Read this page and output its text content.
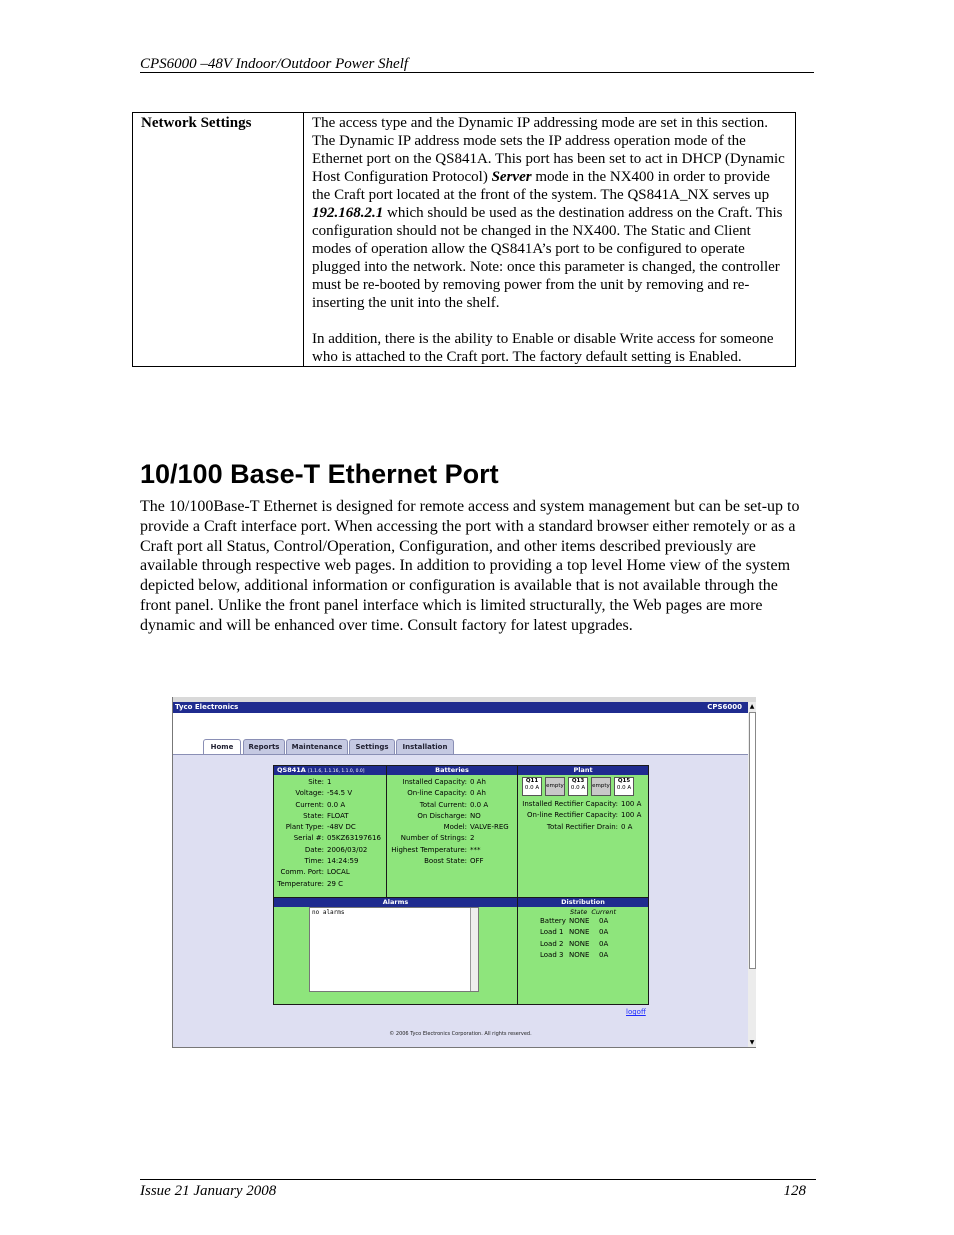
CPS6000 –48V Indoor/Outdoor Power Shelf
Network Settings	The access type and the Dynamic IP addressing mode are set in this section. The Dynamic IP address mode sets the IP address operation mode of the Ethernet port on the QS841A. This port has been set to act in DHCP (Dynamic Host Configuration Protocol) Server mode in the NX400 in order to provide the Craft port located at the front of the system. The QS841A_NX serves up 192.168.2.1 which should be used as the destination address on the Craft. This configuration should not be changed in the NX400. The Static and Client modes of operation allow the QS841A’s port to be configured to operate plugged into the network. Note: once this parameter is changed, the controller must be re-booted by removing power from the unit by removing and re-inserting the unit into the shelf.

In addition, there is the ability to Enable or disable Write access for someone who is attached to the Craft port. The factory default setting is Enabled.

10/100 Base-T Ethernet Port

The 10/100Base-T Ethernet is designed for remote access and system management but can be set-up to provide a Craft interface port. When accessing the port with a standard browser either remotely or as a Craft port all Status, Control/Operation, Configuration, and other items described previously are available through respective web pages. In addition to providing a top level Home view of the system depicted below, additional information or configuration is available that is not available through the front panel. Unlike the front panel interface which is limited structurally, the Web pages are more dynamic and will be enhanced over time. Consult factory for latest upgrades.

Tyco Electronics	CPS6000
Home	Reports	Maintenance	Settings	Installation
QS841A [1.1.6, 1.1.16, 1.1.0, 0.0]
Site: 1
Voltage: -54.5 V
Current: 0.0 A
State: FLOAT
Plant Type: -48V DC
Serial #: 05KZ63197616
Date: 2006/03/02
Time: 14:24:59
Comm. Port: LOCAL
Temperature: 29 C
Batteries
Installed Capacity: 0 Ah
On-line Capacity: 0 Ah
Total Current: 0.0 A
On Discharge: NO
Model: VALVE-REG
Number of Strings: 2
Highest Temperature: ***
Boost State: OFF
Plant
Q11
0.0 A	empty
Q13
0.0 A	empty
Q15
0.0 A
Installed Rectifier Capacity: 100 A
On-line Rectifier Capacity: 100 A
Total Rectifier Drain: 0 A
Alarms
no alarms
Distribution
State Current
Battery NONE 0A
Load 1 NONE 0A
Load 2 NONE 0A
Load 3 NONE 0A
logoff
© 2006 Tyco Electronics Corporation. All rights reserved.
▲
▼
Issue 21 January 2008	128
